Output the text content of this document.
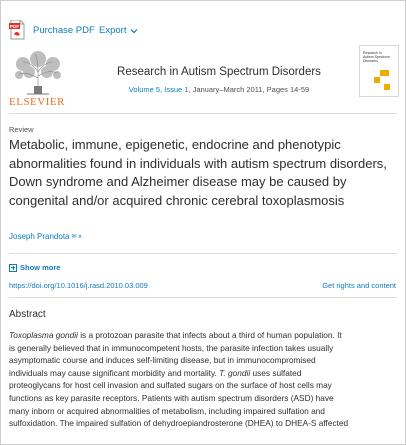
PDF Purchase PDF Export
ELSEVIER
Research in Autism Spectrum Disorders
Volume 5, Issue 1, January–March 2011, Pages 14-59
Research in Autism Spectrum Disorders
Review
Metabolic, immune, epigenetic, endocrine and phenotypic abnormalities found in individuals with autism spectrum disorders, Down syndrome and Alzheimer disease may be caused by congenital and/or acquired chronic cerebral toxoplasmosis
Joseph Prandota ✉ ⅹ
Show more
https://doi.org/10.1016/j.rasd.2010.03.009	Get rights and content
Abstract
Toxoplasma gondii is a protozoan parasite that infects about a third of human population. It
is generally believed that in immunocompetent hosts, the parasite infection takes usually
asymptomatic course and induces self-limiting disease, but in immunocompromised
individuals may cause significant morbidity and mortality. T. gondii uses sulfated
proteoglycans for host cell invasion and sulfated sugars on the surface of host cells may
functions as key parasite receptors. Patients with autism spectrum disorders (ASD) have
many inborn or acquired abnormalities of metabolism, including impaired sulfation and
sulfoxidation. The impaired sulfation of dehydroepiandrosterone (DHEA) to DHEA-S affected
